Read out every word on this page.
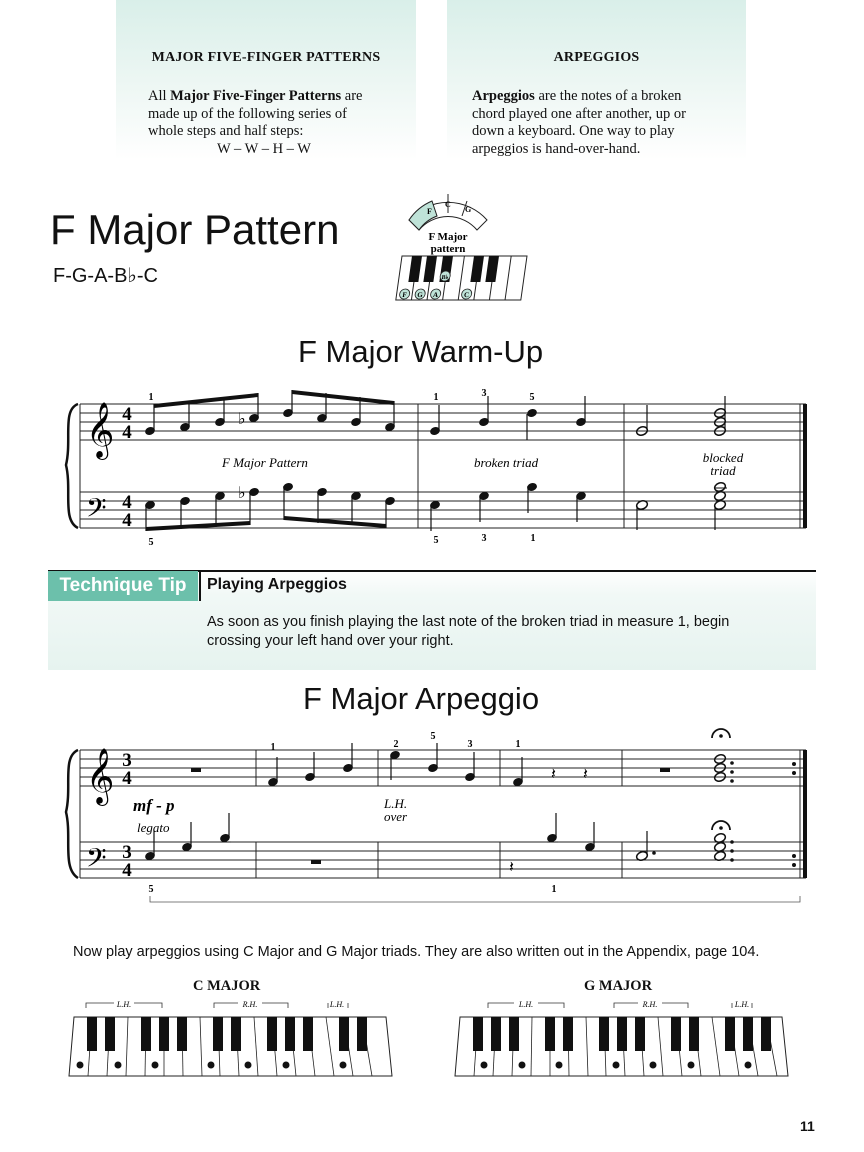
MAJOR FIVE-FINGER PATTERNS
All Major Five-Finger Patterns are
made up of the following series of
whole steps and half steps:
W – W – H – W
ARPEGGIOS
Arpeggios are the notes of a broken
chord played one after another, up or
down a keyboard. One way to play
arpeggios is hand-over-hand.
F Major Pattern
F-G-A-B♭-C
F
C
G
F Major
pattern
F G A	C
B♭
F Major Warm-Up
𝄞
𝄢
4
4
4
4
♭
1	1	3	5
F Major Pattern	broken triad	blocked
triad
♭
5	5	3	1
Technique Tip	Playing Arpeggios
As soon as you finish playing the last note of the broken triad in measure 1, begin
crossing your left hand over your right.
F Major Arpeggio
𝄞
𝄢
3
4
3
4
𝄽 𝄽
1	2
5
3	1
mf - p
legato
L.H.
over
𝄽
5	1
Now play arpeggios using C Major and G Major triads. They are also written out in the Appendix, page 104.
C MAJOR	G MAJOR
L.H.	R.H.	L.H.	L.H.	R.H.	L.H.
11
